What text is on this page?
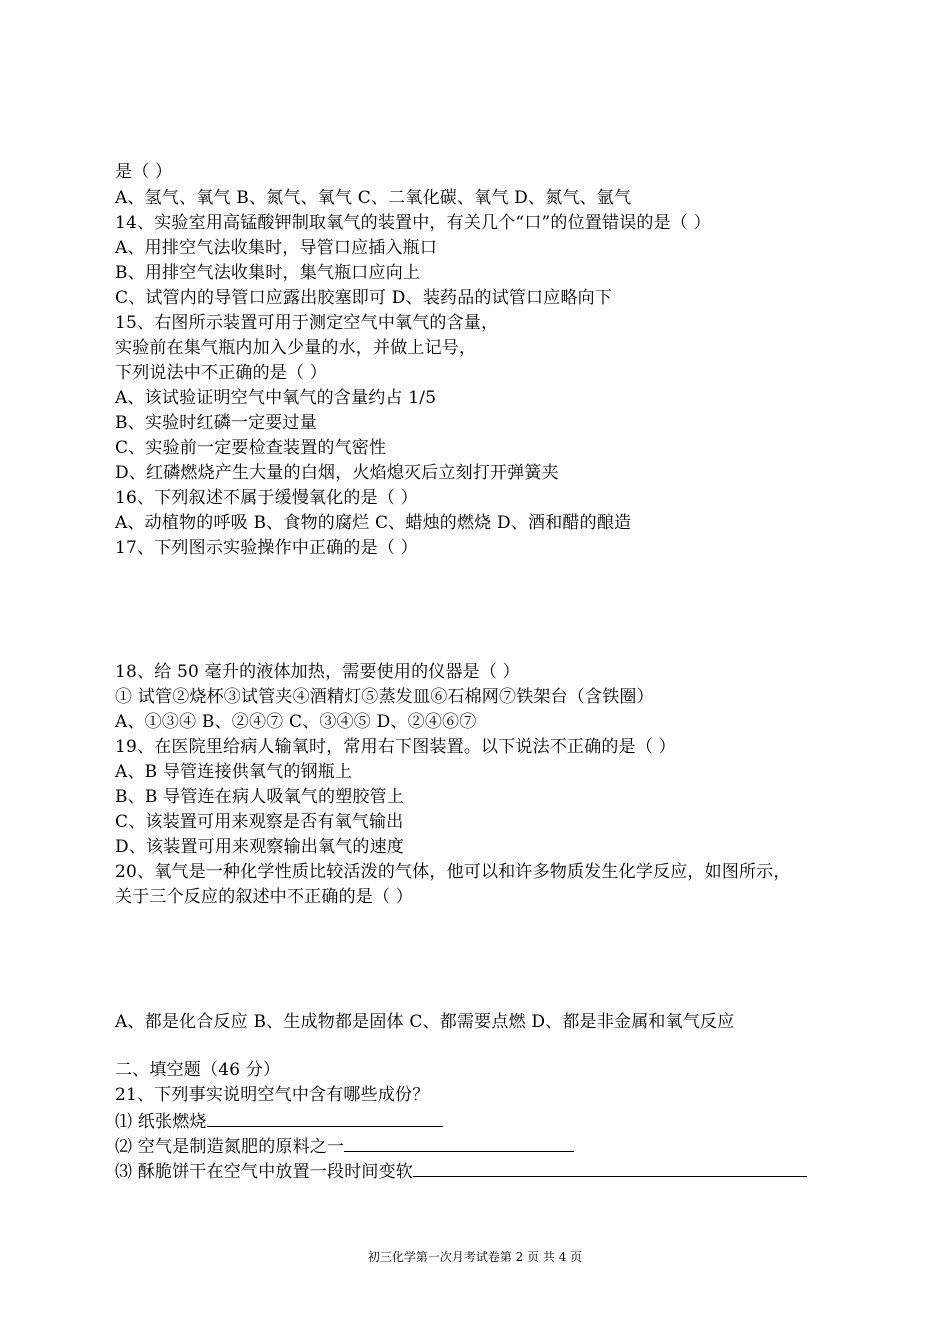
是（ ）
A、氢气、氧气 B、氮气、氧气 C、二氧化碳、氧气 D、氮气、氩气
14、实验室用高锰酸钾制取氧气的装置中，有关几个“口”的位置错误的是（ ）
A、用排空气法收集时，导管口应插入瓶口
B、用排空气法收集时，集气瓶口应向上
C、试管内的导管口应露出胶塞即可 D、装药品的试管口应略向下
15、右图所示装置可用于测定空气中氧气的含量，
实验前在集气瓶内加入少量的水，并做上记号，
下列说法中不正确的是（ ）
A、该试验证明空气中氧气的含量约占 1/5
B、实验时红磷一定要过量
C、实验前一定要检查装置的气密性
D、红磷燃烧产生大量的白烟，火焰熄灭后立刻打开弹簧夹
16、下列叙述不属于缓慢氧化的是（ ）
A、动植物的呼吸 B、食物的腐烂 C、蜡烛的燃烧 D、酒和醋的酿造
17、下列图示实验操作中正确的是（ ）
18、给 50 毫升的液体加热，需要使用的仪器是（ ）
① 试管②烧杯③试管夹④酒精灯⑤蒸发皿⑥石棉网⑦铁架台（含铁圈）
A、①③④ B、②④⑦ C、③④⑤ D、②④⑥⑦
19、在医院里给病人输氧时，常用右下图装置。以下说法不正确的是（ ）
A、B 导管连接供氧气的钢瓶上
B、B 导管连在病人吸氧气的塑胶管上
C、该装置可用来观察是否有氧气输出
D、该装置可用来观察输出氧气的速度
20、氧气是一种化学性质比较活泼的气体，他可以和许多物质发生化学反应，如图所示，
关于三个反应的叙述中不正确的是（ ）
A、都是化合反应 B、生成物都是固体 C、都需要点燃 D、都是非金属和氧气反应
二、填空题（46 分）
21、下列事实说明空气中含有哪些成份？
⑴ 纸张燃烧
⑵ 空气是制造氮肥的原料之一
⑶ 酥脆饼干在空气中放置一段时间变软
初三化学第一次月考试卷第 2 页 共 4 页
